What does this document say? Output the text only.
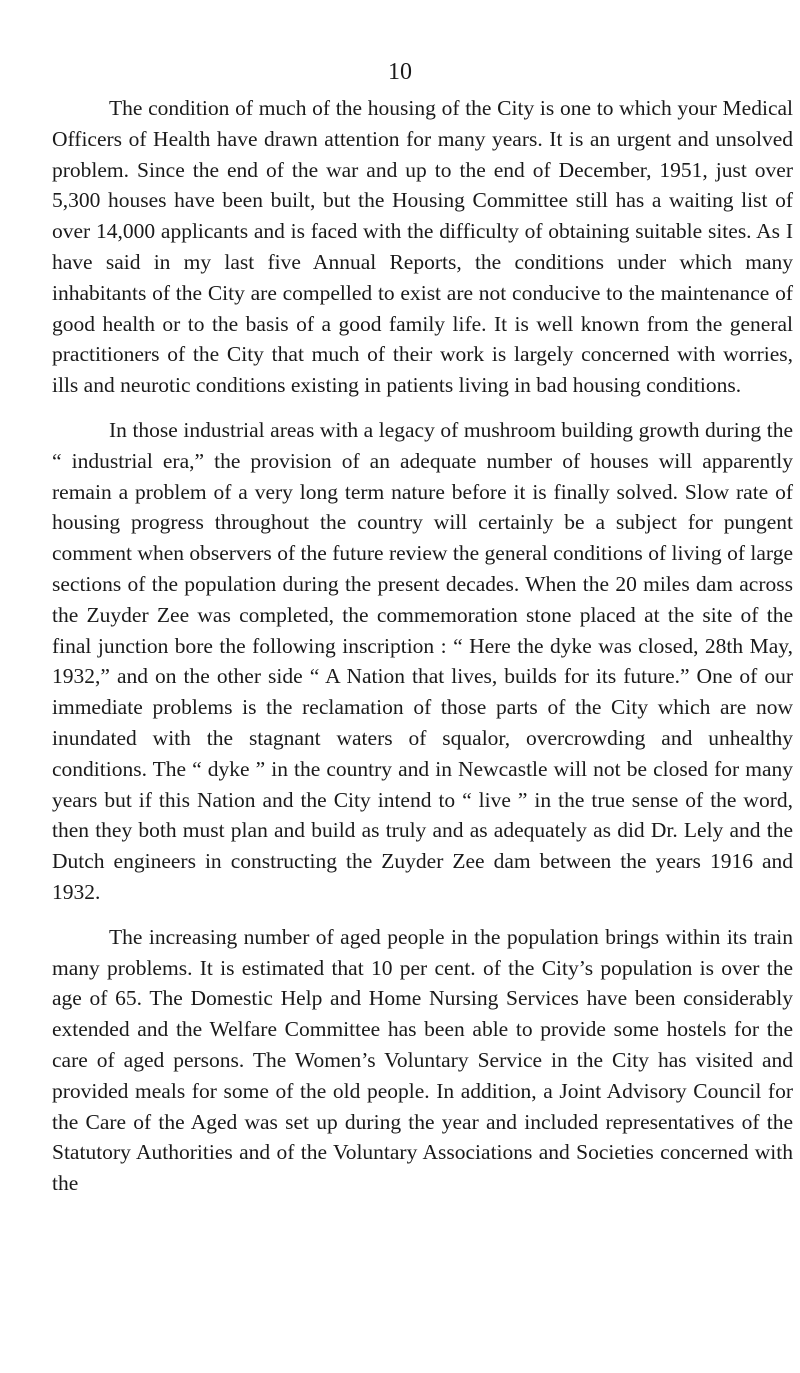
10

The condition of much of the housing of the City is one to which your Medical Officers of Health have drawn attention for many years. It is an urgent and unsolved problem. Since the end of the war and up to the end of December, 1951, just over 5,300 houses have been built, but the Housing Committee still has a waiting list of over 14,000 applicants and is faced with the difficulty of obtaining suitable sites. As I have said in my last five Annual Reports, the conditions under which many inhabitants of the City are compelled to exist are not conducive to the maintenance of good health or to the basis of a good family life. It is well known from the general practitioners of the City that much of their work is largely concerned with worries, ills and neurotic conditions existing in patients living in bad housing conditions.

In those industrial areas with a legacy of mushroom building growth during the “ industrial era,” the provision of an adequate number of houses will apparently remain a problem of a very long term nature before it is finally solved. Slow rate of housing progress throughout the country will certainly be a subject for pungent comment when observers of the future review the general conditions of living of large sections of the population during the present decades. When the 20 miles dam across the Zuyder Zee was completed, the commemoration stone placed at the site of the final junction bore the following inscription : “ Here the dyke was closed, 28th May, 1932,” and on the other side “ A Nation that lives, builds for its future.” One of our immediate problems is the reclamation of those parts of the City which are now inundated with the stagnant waters of squalor, overcrowding and unhealthy conditions. The “ dyke ” in the country and in Newcastle will not be closed for many years but if this Nation and the City intend to “ live ” in the true sense of the word, then they both must plan and build as truly and as adequately as did Dr. Lely and the Dutch engineers in constructing the Zuyder Zee dam between the years 1916 and 1932.

The increasing number of aged people in the population brings within its train many problems. It is estimated that 10 per cent. of the City’s population is over the age of 65. The Domestic Help and Home Nursing Services have been considerably extended and the Welfare Committee has been able to provide some hostels for the care of aged persons. The Women’s Voluntary Service in the City has visited and provided meals for some of the old people. In addition, a Joint Advisory Council for the Care of the Aged was set up during the year and included representatives of the Statutory Authorities and of the Voluntary Associations and Societies concerned with the
